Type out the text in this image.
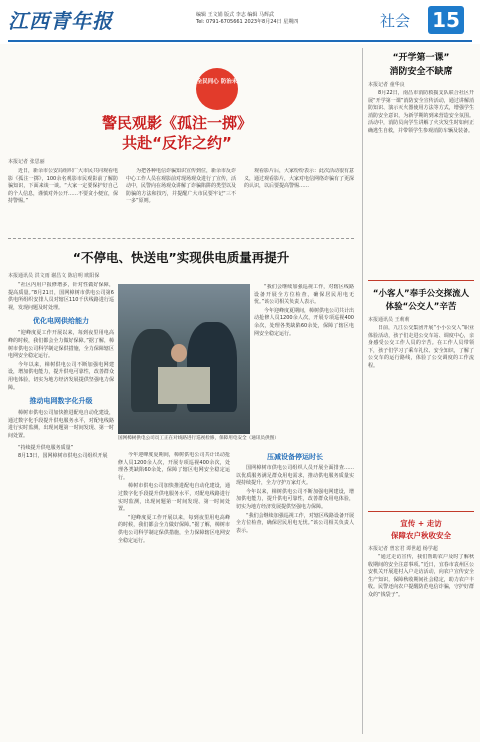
江西青年报	编辑 王文娟 版式 李志 编辑 马辉武
Tel: 0791-6705661 2023年8月24日 星期四	社会 15
全民同心 防治未
警民观影《孤注一掷》
共赴“反诈之约”
本报记者 张思丽

近日，新余市公安局组织广大市民共同观看电影《孤注一掷》，100余名观影市民观影前了解防骗知识，下面来谈一谈。“大家一定要保护好自己的个人信息，谨慎对外公开……不要贪小便宜，保持警惕。”

为把各种电信诈骗知识宣传到位，新余市反诈中心工作人员在观影前对现场观众进行了宣传，活动中，民警向在场观众讲解了诈骗陷阱的类型以及防骗的方法和技巧，并提醒广大市民要牢记“三不一多”原则。

观看影片后，大家纷纷表示：此次活动很有意义，通过观看影片，大家对电信网络诈骗有了更深的认识，以后要提高警惕……

“不停电、快送电”实现供电质量再提升
本报通讯员 洪文雨 谢昌文 陈启明 欧阳保

“社区内用户报修增多，针对性做好保障，提高质量。”8月21日，国网樟树市供电公司第6供电所组织安排人员对辖区110千伏线路进行巡视，发现问题及时处理。

优化电网供给能力

“迎峰度夏工作开展以来，每到夜里用电高峰的时候，我们都会全力做好保障。”据了解，樟树市供电公司科学制定保供措施，全力保障辖区电网安全稳定运行。

今年以来，樟树供电公司不断加强电网建设，增加供电能力，提升供电可靠性，改善群众用电体验，切实为地方经济发展提供坚强电力保障。

推动电网数字化升级

樟树市供电公司加快推进配电自动化建设，通过数字化手段提升供电服务水平，对配电线路进行实时监测，出现问题第一时间发现、第一时间处置。

“持续提升供电服务质量”

8月13日，国网樟树市供电公司组织开展

国网樟树供电公司员工正在对线路进行巡视检修，保障用电安全（通讯员供图）

“我们会继续加强巡视工作，对辖区线路设备开展全方位检查，确保居民用电无忧。”该公司相关负责人表示。

今年迎峰度夏期间，樟树供电公司共计出动抢修人员1200余人次，开展专项巡视400余次，处理各类缺陷60余处，保障了辖区电网安全稳定运行。

今年迎峰度夏期间，樟树供电公司共计出动抢修人员1200余人次，开展专项巡视400余次，处理各类缺陷60余处，保障了辖区电网安全稳定运行。

樟树市供电公司加快推进配电自动化建设，通过数字化手段提升供电服务水平，对配电线路进行实时监测，出现问题第一时间发现、第一时间处置。

“迎峰度夏工作开展以来，每到夜里用电高峰的时候，我们都会全力做好保障。”据了解，樟树市供电公司科学制定保供措施，全力保障辖区电网安全稳定运行。

压减设备停运时长

国网樟树市供电公司组织人员开展全面排查……以优质服务满足群众用电需求，推动供电服务质量实现持续提升，全力守护万家灯火。

今年以来，樟树供电公司不断加强电网建设，增加供电能力，提升供电可靠性，改善群众用电体验，切实为地方经济发展提供坚强电力保障。

“我们会继续加强巡视工作，对辖区线路设备开展全方位检查，确保居民用电无忧。”该公司相关负责人表示。

“开学第一课”
消防安全不缺席
本报记者 童华良

8月22日，南昌市消防救援支队联合社区开展“开学第一课”消防安全宣传活动，通过讲解消防知识、演示灭火器使用方法等方式，增强学生消防安全意识，为新学期的到来营造安全氛围。活动中，消防员向学生讲解了火灾发生时如何正确逃生自救，并带领学生参观消防车辆及装备。

“小客人”奉手公交探流人
体验“公交人”辛苦
本报通讯员 王莉莉

日前，九江公交集团开展“小小公交人”职业体验活动，孩子们走进公交车站、调度中心，亲身感受公交工作人员的辛苦。在工作人员带领下，孩子们学习了乘车礼仪、安全知识，了解了公交车的运行路线，体验了公交调度的工作流程。

宣传 + 走访
保障农户秋收安全
本报记者 曾宏君 谭世超 杨学超

“通过走访宣传，我们帮助农户及时了解秋收期间的安全注意事项。”近日，宜春市袁州区公安机关开展进村入户走访活动，向农户宣传安全生产知识，保障秋收期间社会稳定，助力农户丰收。民警还向农户提醒防范电信诈骗，守护好群众的“钱袋子”。
